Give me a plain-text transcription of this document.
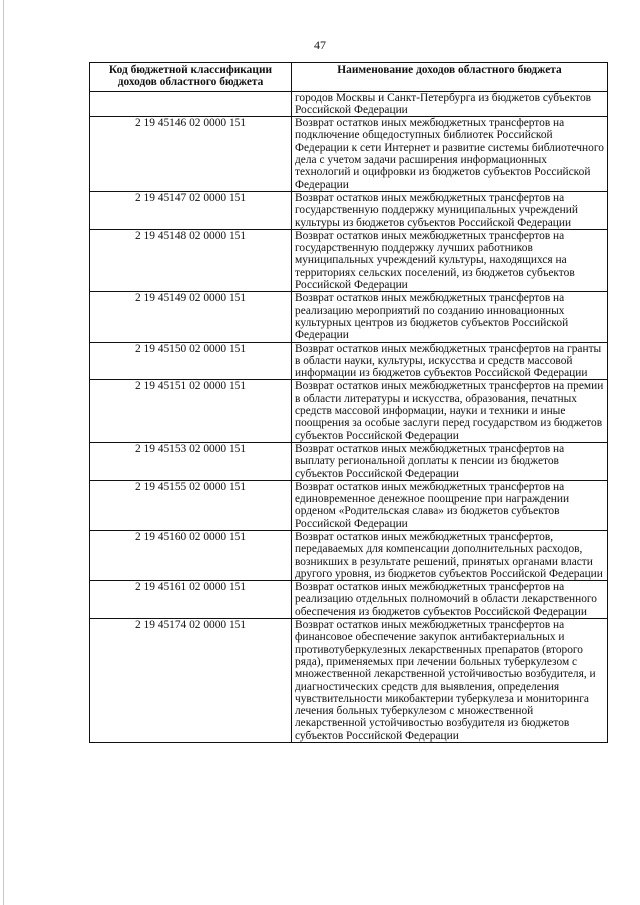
47
Код бюджетной классификации доходов областного бюджета	Наименование доходов областного бюджета
	городов Москвы и Санкт-Петербурга из бюджетов субъектов Российской Федерации
2 19 45146 02 0000 151	Возврат остатков иных межбюджетных трансфертов на подключение общедоступных библиотек Российской Федерации к сети Интернет и развитие системы библиотечного дела с учетом задачи расширения информационных технологий и оцифровки из бюджетов субъектов Российской Федерации
2 19 45147 02 0000 151	Возврат остатков иных межбюджетных трансфертов на государственную поддержку муниципальных учреждений культуры из бюджетов субъектов Российской Федерации
2 19 45148 02 0000 151	Возврат остатков иных межбюджетных трансфертов на государственную поддержку лучших работников муниципальных учреждений культуры, находящихся на территориях сельских поселений, из бюджетов субъектов Российской Федерации
2 19 45149 02 0000 151	Возврат остатков иных межбюджетных трансфертов на реализацию мероприятий по созданию инновационных культурных центров из бюджетов субъектов Российской Федерации
2 19 45150 02 0000 151	Возврат остатков иных межбюджетных трансфертов на гранты в области науки, культуры, искусства и средств массовой информации из бюджетов субъектов Российской Федерации
2 19 45151 02 0000 151	Возврат остатков иных межбюджетных трансфертов на премии в области литературы и искусства, образования, печатных средств массовой информации, науки и техники и иные поощрения за особые заслуги перед государством из бюджетов субъектов Российской Федерации
2 19 45153 02 0000 151	Возврат остатков иных межбюджетных трансфертов на выплату региональной доплаты к пенсии из бюджетов субъектов Российской Федерации
2 19 45155 02 0000 151	Возврат остатков иных межбюджетных трансфертов на единовременное денежное поощрение при награждении орденом «Родительская слава» из бюджетов субъектов Российской Федерации
2 19 45160 02 0000 151	Возврат остатков иных межбюджетных трансфертов, передаваемых для компенсации дополнительных расходов, возникших в результате решений, принятых органами власти другого уровня, из бюджетов субъектов Российской Федерации
2 19 45161 02 0000 151	Возврат остатков иных межбюджетных трансфертов на реализацию отдельных полномочий в области лекарственного обеспечения из бюджетов субъектов Российской Федерации
2 19 45174 02 0000 151	Возврат остатков иных межбюджетных трансфертов на финансовое обеспечение закупок антибактериальных и противотуберкулезных лекарственных препаратов (второго ряда), применяемых при лечении больных туберкулезом с множественной лекарственной устойчивостью возбудителя, и диагностических средств для выявления, определения чувствительности микобактерии туберкулеза и мониторинга лечения больных туберкулезом с множественной лекарственной устойчивостью возбудителя из бюджетов субъектов Российской Федерации
